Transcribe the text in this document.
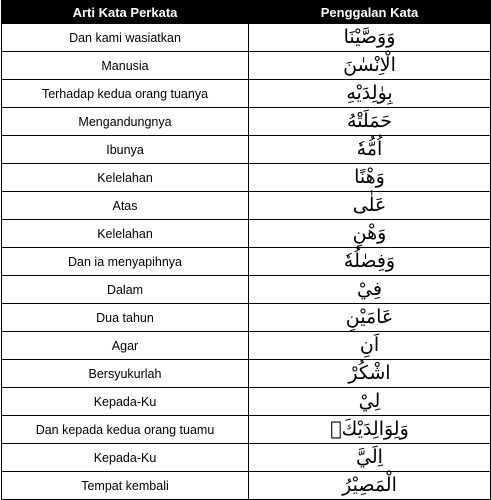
Arti Kata Perkata	Penggalan Kata
Dan kami wasiatkan	وَوَصَّيْنَا
Manusia	الْاِنْسٰنَ
Terhadap kedua orang tuanya	بِوٰلِدَيْهِ
Mengandungnya	حَمَلَتْهُ
Ibunya	اُمُّهٗ
Kelelahan	وَهْنًا
Atas	عَلٰى
Kelelahan	وَهْنٍ
Dan ia menyapihnya	وَفِصٰلُهٗ
Dalam	فِيْ
Dua tahun	عَامَيْنِ
Agar	اَنِ
Bersyukurlah	اشْكُرْ
Kepada-Ku	لِيْ
Dan kepada kedua orang tuamu	وَلِوَالِدَيْكَۗ
Kepada-Ku	اِلَيَّ
Tempat kembali	الْمَصِيْرُ
